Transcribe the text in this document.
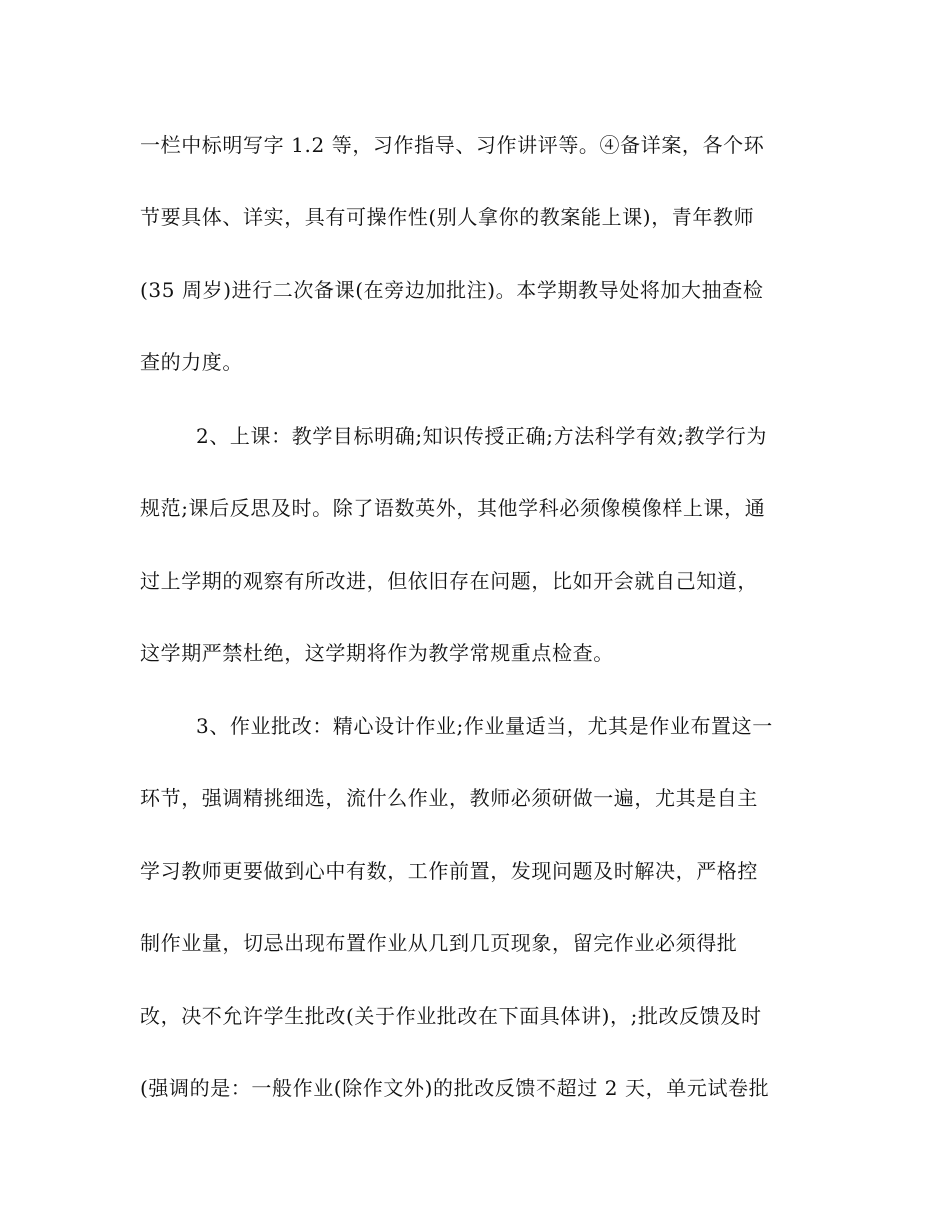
一栏中标明写字 1.2 等，习作指导、习作讲评等。④备详案，各个环
节要具体、详实，具有可操作性(别人拿你的教案能上课)，青年教师
(35 周岁)进行二次备课(在旁边加批注)。本学期教导处将加大抽查检
查的力度。
2、上课：教学目标明确;知识传授正确;方法科学有效;教学行为
规范;课后反思及时。除了语数英外，其他学科必须像模像样上课，通
过上学期的观察有所改进，但依旧存在问题，比如开会就自己知道，
这学期严禁杜绝，这学期将作为教学常规重点检查。
3、作业批改：精心设计作业;作业量适当，尤其是作业布置这一
环节，强调精挑细选，流什么作业，教师必须研做一遍，尤其是自主
学习教师更要做到心中有数，工作前置，发现问题及时解决，严格控
制作业量，切忌出现布置作业从几到几页现象，留完作业必须得批
改，决不允许学生批改(关于作业批改在下面具体讲)，;批改反馈及时
(强调的是：一般作业(除作文外)的批改反馈不超过 2 天，单元试卷批
